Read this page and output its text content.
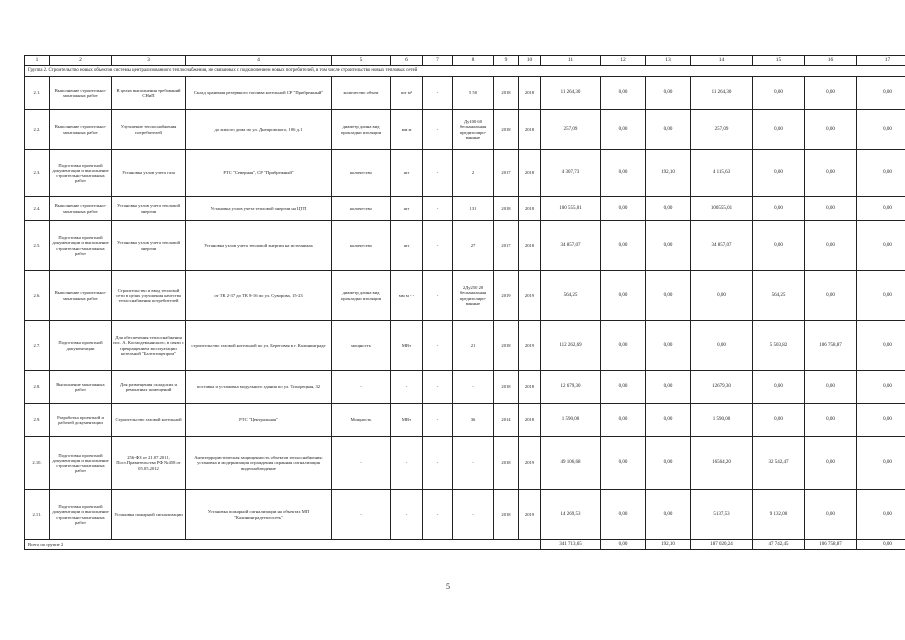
1	2	3	4	5	6	7	8	9	10	11	12	13	14	15	16	17
Группа 2. Строительство новых объектов системы централизованного теплоснабжения, не связанных с подключением новых потребителей, в том числе строительство новых тепловых сетей																
2.1.	Выполнение строительно-монтажных работ	В целях выполнения требований СНиП	Склад хранения резервного топлива котельной СР "Прибрежный"	количество объем	шт м³	-	5 50	2018	2018	11 264,30	0,00	0,00	11 264,30	0,00	0,00	0,00
2.2.	Выполнение строительно-монтажных работ	Улучшение теплоснабжения потребителей	до жилого дома по ул. Днепровского, 106 д.1	диаметр длина вид прокладки изоляции	мм м	-	Ду100 60 бесканальная предизолиро-ванные	2018	2018	257,09	0,00	0,00	257,09	0,00	0,00	0,00
2.3.	Подготовка проектной документации и выполнение строительно-монтажных работ	Установка узлов учета газа	РТС "Северная", СР "Прибрежный"	количество	шт	-	2	2017	2018	4 307,73	0,00	192,10	4 115,63	0,00	0,00	0,00
2.4.	Выполнение строительно-монтажных работ	Установка узлов учета тепловой энергии	Установка узлов учета тепловой энергии на ЦТП	количество	шт	-	131	2018	2018	100 555,01	0,00	0,00	100555,01	0,00	0,00	0,00
2.5.	Подготовка проектной документации и выполнение строительно-монтажных работ	Установка узлов учета тепловой энергии	Установка узлов учета тепловой энергии на источниках	количество	шт	-	27	2017	2018	34 857,07	0,00	0,00	34 857,07	0,00	0,00	0,00
2.6.	Выполнение строительно-монтажных работ	Строительство и ввод тепловой сети в целях улучшения качества теплоснабжения потребителей	от ТК 2-37 до ТК 8-16 по ул. Суворова, 15-23	диаметр длина вид прокладки изоляции	мм м - -	-	2Ду250 20 бесканальная предизолиро-ванные	2019	2019	564,25	0,00	0,00	0,00	564,25	0,00	0,00
2.7.	Подготовка проектной документации	Для обеспечения теплоснабжения пос. А. Космодемьянского, в связи с прекращением эксплуатации котельной "Балтптицепром"	строительство газовой котельной по ул. Береговая в г. Калининграде	мощность	МВт	-	21	2018	2019	112 262,69	0,00	0,00	0,00	5 503,82	106 758,87	0,00
2.8.	Выполнение монтажных работ	Для размещения складских и ремонтных помещений	поставка и установка модульного здания по ул. Тихорецкая, 32	-	-	-	-	2018	2018	12 679,30	0,00	0,00	12679,30	0,00	0,00	0,00
2.9.	Разработка проектной и рабочей документации	Строительство газовой котельной	РТС "Центральная"	Мощность	МВт	-	36	2014	2018	1 590,00	0,00	0,00	1 590,00	0,00	0,00	0,00
2.10.	Подготовка проектной документации и выполнение строительно-монтажных работ	256-ФЗ от 21.07.2011, Пост.Правительства РФ №458 от 05.05.2012	Антитеррористическая защищенность объектов теплоснабжения: установка и модернизация ограждения охранная сигнализация видеонаблюдение	-	-	-	-	2018	2019	49 106,68	0,00	0,00	16564,20	32 542,47	0,00	0,00
2.11.	Подготовка проектной документации и выполнение строительно-монтажных работ	Установка пожарной сигнализации	Установка пожарной сигнализации на объектах МП "Калининградтеплосеть"	-	-	-	-	2018	2019	14 269,53	0,00	0,00	5137,53	9 132,00	0,00	0,00
Всего по группе 2										341 713,65	0,00	192,10	187 020,24	47 742,45	106 758,87	0,00
5
